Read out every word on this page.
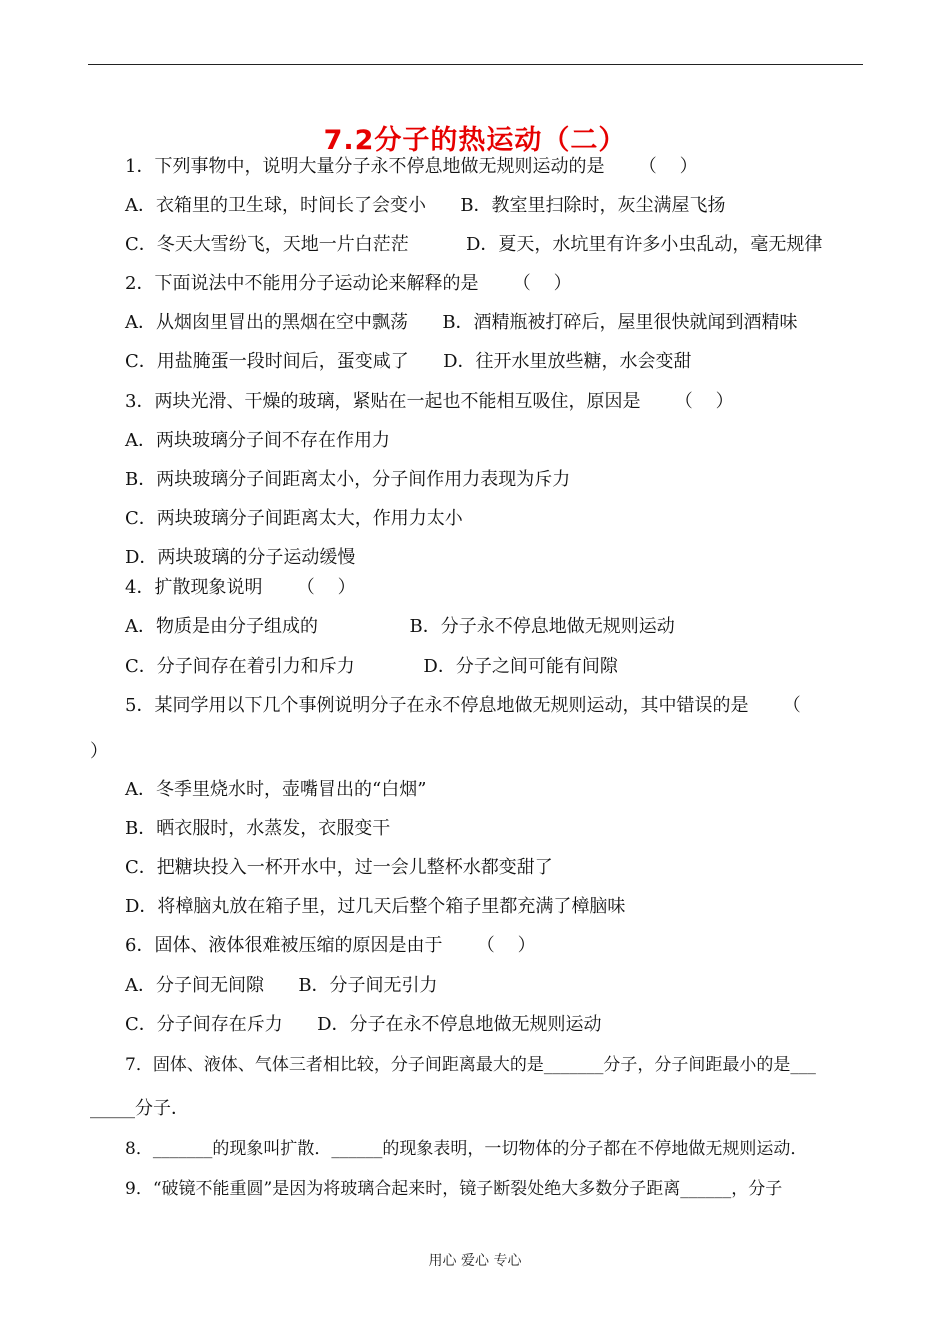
7.2分子的热运动（二）
1．下列事物中，说明大量分子永不停息地做无规则运动的是      （    ）
A．衣箱里的卫生球，时间长了会变小      B．教室里扫除时，灰尘满屋飞扬
C．冬天大雪纷飞，天地一片白茫茫          D．夏天，水坑里有许多小虫乱动，毫无规律
2．下面说法中不能用分子运动论来解释的是      （    ）
A．从烟囱里冒出的黑烟在空中飘荡      B．酒精瓶被打碎后，屋里很快就闻到酒精味
C．用盐腌蛋一段时间后，蛋变咸了      D．往开水里放些糖，水会变甜
3．两块光滑、干燥的玻璃，紧贴在一起也不能相互吸住，原因是      （    ）
A．两块玻璃分子间不存在作用力
B．两块玻璃分子间距离太小，分子间作用力表现为斥力
C．两块玻璃分子间距离太大，作用力太小
D．两块玻璃的分子运动缓慢
4．扩散现象说明      （    ）
A．物质是由分子组成的                B．分子永不停息地做无规则运动
C．分子间存在着引力和斥力            D．分子之间可能有间隙
5．某同学用以下几个事例说明分子在永不停息地做无规则运动，其中错误的是      （
）
A．冬季里烧水时，壶嘴冒出的“白烟”
B．晒衣服时，水蒸发，衣服变干
C．把糖块投入一杯开水中，过一会儿整杯水都变甜了
D．将樟脑丸放在箱子里，过几天后整个箱子里都充满了樟脑味
6．固体、液体很难被压缩的原因是由于      （    ）
A．分子间无间隙      B．分子间无引力
C．分子间存在斥力      D．分子在永不停息地做无规则运动
7．固体、液体、气体三者相比较，分子间距离最大的是_______分子，分子间距最小的是___
_____分子．
8．_______的现象叫扩散．______的现象表明，一切物体的分子都在不停地做无规则运动．
9．“破镜不能重圆”是因为将玻璃合起来时，镜子断裂处绝大多数分子距离______，分子
用心 爱心 专心
